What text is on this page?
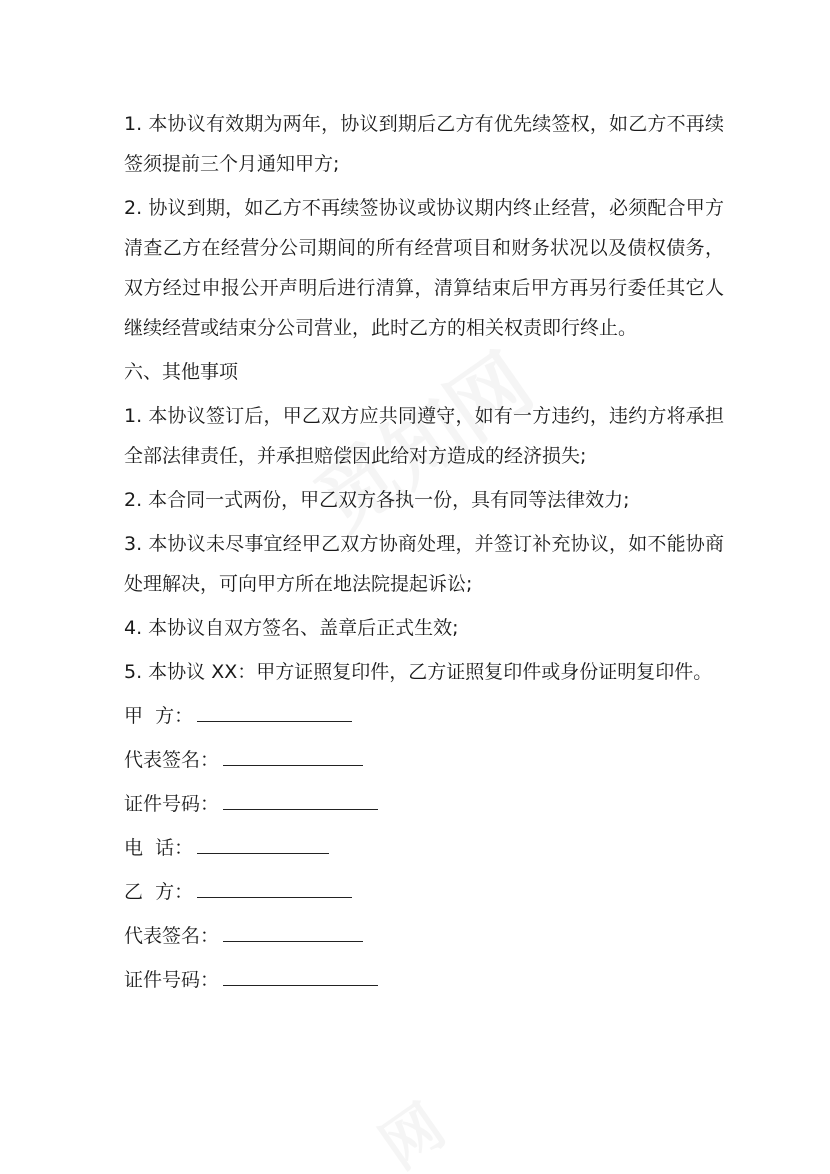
1. 本协议有效期为两年，协议到期后乙方有优先续签权，如乙方不再续签须提前三个月通知甲方;

2. 协议到期，如乙方不再续签协议或协议期内终止经营，必须配合甲方清查乙方在经营分公司期间的所有经营项目和财务状况以及债权债务，双方经过申报公开声明后进行清算，清算结束后甲方再另行委任其它人继续经营或结束分公司营业，此时乙方的相关权责即行终止。

六、其他事项

1. 本协议签订后，甲乙双方应共同遵守，如有一方违约，违约方将承担全部法律责任，并承担赔偿因此给对方造成的经济损失;

2. 本合同一式两份，甲乙双方各执一份，具有同等法律效力;

3. 本协议未尽事宜经甲乙双方协商处理，并签订补充协议，如不能协商处理解决，可向甲方所在地法院提起诉讼;

4. 本协议自双方签名、盖章后正式生效;

5. 本协议 XX：甲方证照复印件，乙方证照复印件或身份证明复印件。

甲  方：
代表签名：
证件号码：
电  话：
乙  方：
代表签名：
证件号码：
